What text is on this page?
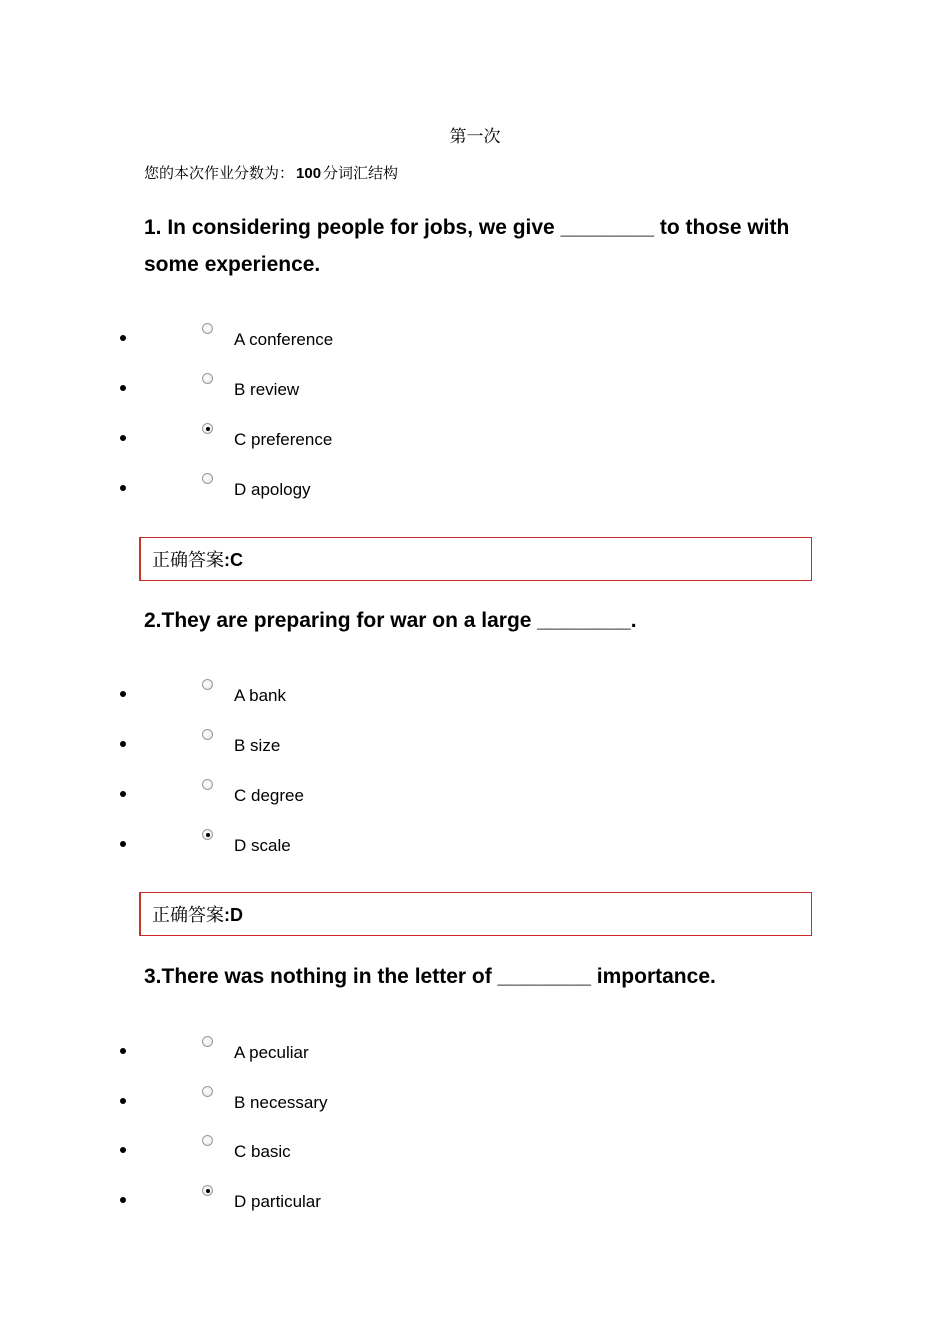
第一次
您的本次作业分数为： 100 分词汇结构
1. In considering people for jobs, we give ________ to those with some experience.
A conference
B review
C preference
D apology
正确答案:C
2.They are preparing for war on a large ________.
A bank
B size
C degree
D scale
正确答案:D
3.There was nothing in the letter of ________ importance.
A peculiar
B necessary
C basic
D particular
